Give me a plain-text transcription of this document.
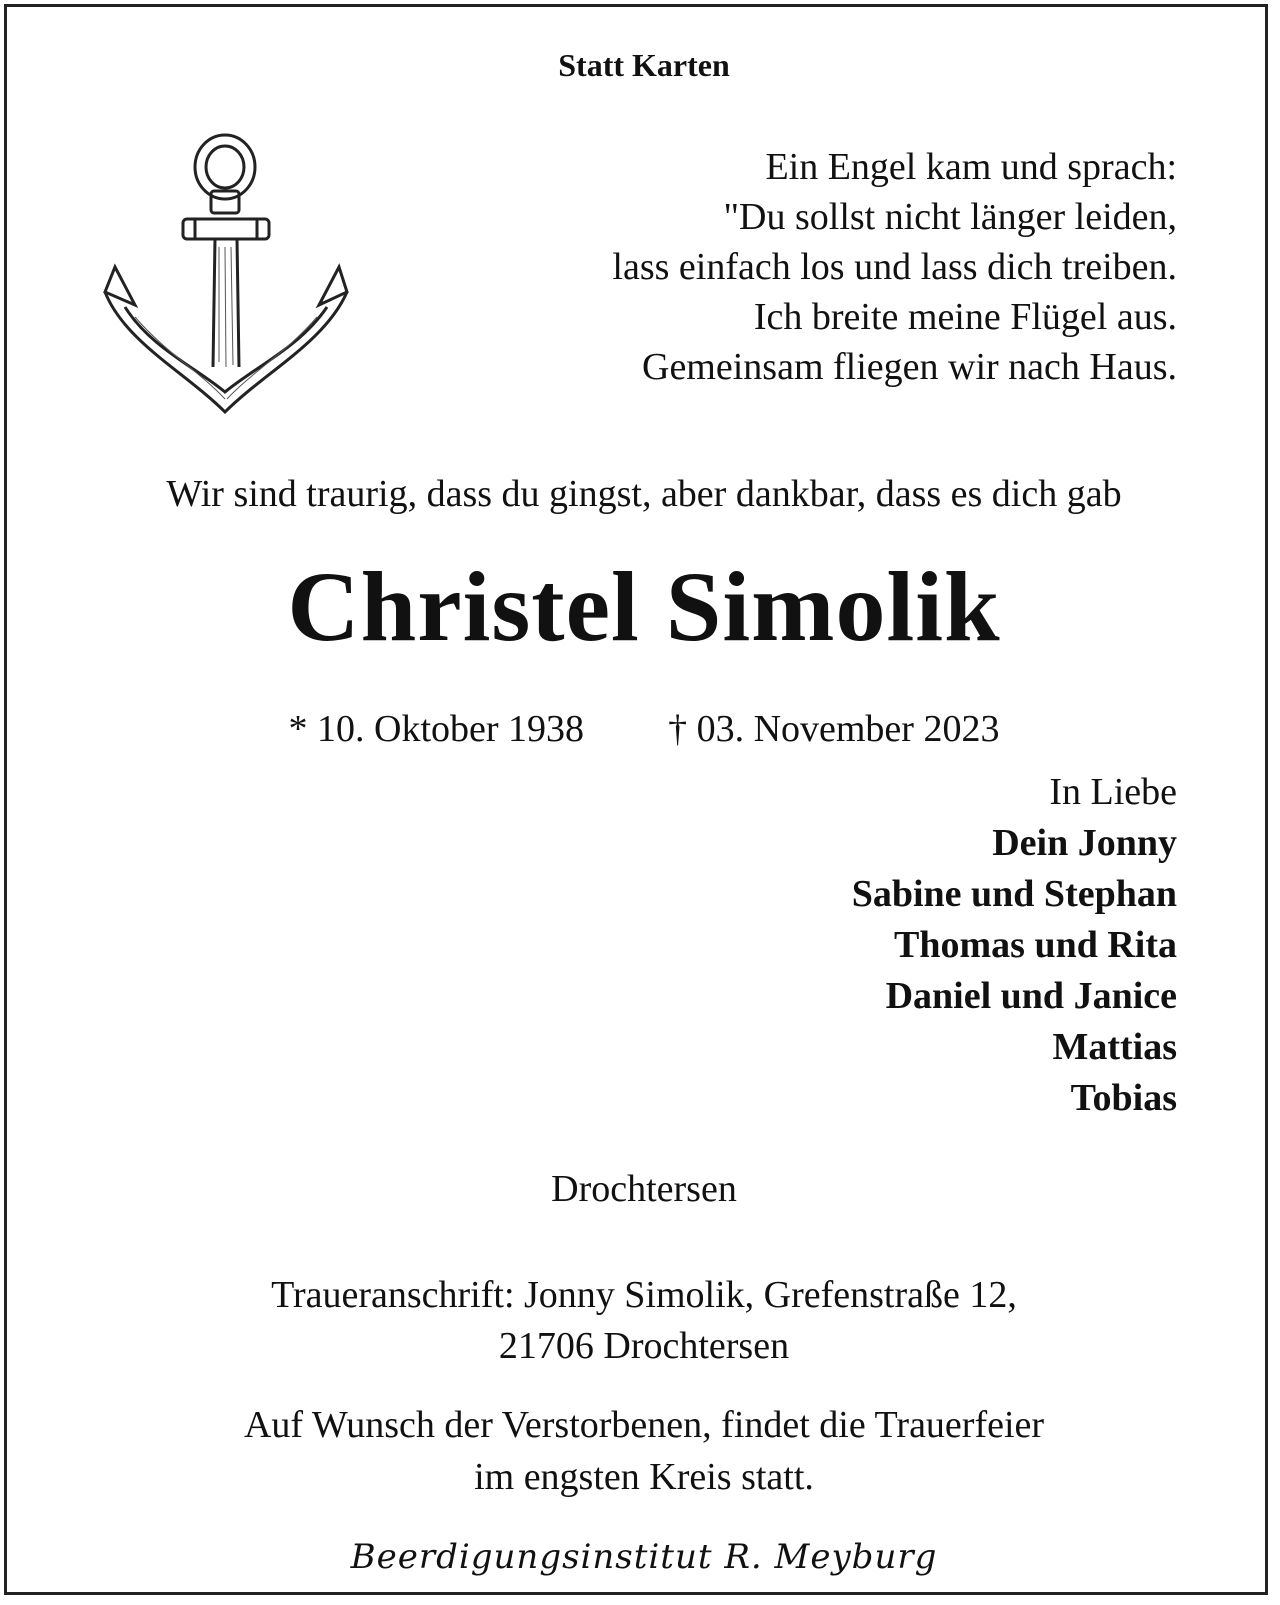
Statt Karten
Ein Engel kam und sprach:
"Du sollst nicht länger leiden,
lass einfach los und lass dich treiben.
Ich breite meine Flügel aus.
Gemeinsam fliegen wir nach Haus.
Wir sind traurig, dass du gingst, aber dankbar, dass es dich gab
Christel Simolik
* 10. Oktober 1938 † 03. November 2023
In Liebe
Dein Jonny
Sabine und Stephan
Thomas und Rita
Daniel und Janice
Mattias
Tobias
Drochtersen
Traueranschrift: Jonny Simolik, Grefenstraße 12,
21706 Drochtersen
Auf Wunsch der Verstorbenen, findet die Trauerfeier
im engsten Kreis statt.
Beerdigungsinstitut R. Meyburg
